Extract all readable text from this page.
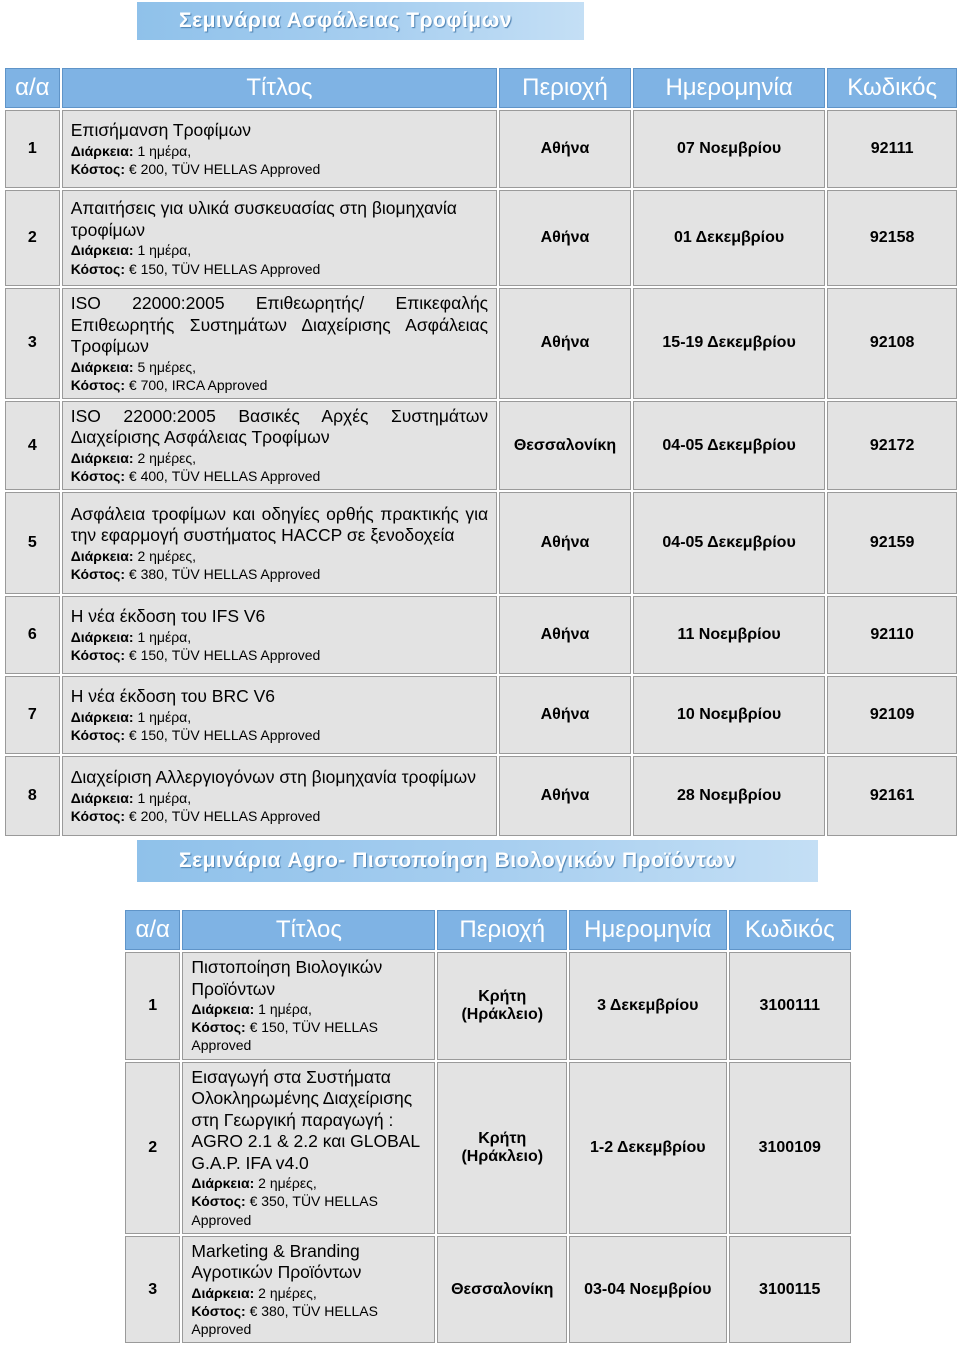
Σεμινάρια Ασφάλειας Τροφίμων
α/α	Τίτλος	Περιοχή	Ημερομηνία	Κωδικός
1	Επισήμανση Τροφίμων
Διάρκεια: 1 ημέρα,
Κόστος: € 200, TÜV HELLAS Approved	Αθήνα	07 Νοεμβρίου	92111
2	Απαιτήσεις για υλικά συσκευασίας στη βιομηχανία τροφίμων
Διάρκεια: 1 ημέρα,
Κόστος: € 150, TÜV HELLAS Approved	Αθήνα	01 Δεκεμβρίου	92158
3	ISO 22000:2005 Επιθεωρητής/ Επικεφαλής Επιθεωρητής Συστημάτων Διαχείρισης Ασφάλειας Τροφίμων
Διάρκεια: 5 ημέρες,
Κόστος: € 700, IRCA Approved	Αθήνα	15-19 Δεκεμβρίου	92108
4	ISO 22000:2005 Βασικές Αρχές Συστημάτων Διαχείρισης Ασφάλειας Τροφίμων
Διάρκεια: 2 ημέρες,
Κόστος: € 400, TÜV HELLAS Approved	Θεσσαλονίκη	04-05 Δεκεμβρίου	92172
5	Ασφάλεια τροφίμων και οδηγίες ορθής πρακτικής για την εφαρμογή συστήματος HACCP σε ξενοδοχεία
Διάρκεια: 2 ημέρες,
Κόστος: € 380, TÜV HELLAS Approved	Αθήνα	04-05 Δεκεμβρίου	92159
6	Η νέα έκδοση του IFS V6
Διάρκεια: 1 ημέρα,
Κόστος: € 150, TÜV HELLAS Approved	Αθήνα	11 Νοεμβρίου	92110
7	Η νέα έκδοση του BRC V6
Διάρκεια: 1 ημέρα,
Κόστος: € 150, TÜV HELLAS Approved	Αθήνα	10 Νοεμβρίου	92109
8	Διαχείριση Αλλεργιογόνων στη βιομηχανία τροφίμων
Διάρκεια: 1 ημέρα,
Κόστος: € 200, TÜV HELLAS Approved	Αθήνα	28 Νοεμβρίου	92161
Σεμινάρια Agro- Πιστοποίηση Βιολογικών Προϊόντων
α/α	Τίτλος	Περιοχή	Ημερομηνία	Κωδικός
1	Πιστοποίηση Βιολογικών Προϊόντων
Διάρκεια: 1 ημέρα,
Κόστος: € 150, TÜV HELLAS Approved	Κρήτη (Ηράκλειο)	3 Δεκεμβρίου	3100111
2	Εισαγωγή στα Συστήματα Ολοκληρωμένης Διαχείρισης στη Γεωργική παραγωγή : AGRO 2.1 & 2.2 και GLOBAL G.A.P. IFA v4.0
Διάρκεια: 2 ημέρες,
Κόστος: € 350, TÜV HELLAS Approved	Κρήτη (Ηράκλειο)	1-2 Δεκεμβρίου	3100109
3	Marketing & Branding Αγροτικών Προϊόντων
Διάρκεια: 2 ημέρες,
Κόστος: € 380, TÜV HELLAS Approved	Θεσσαλονίκη	03-04 Νοεμβρίου	3100115
